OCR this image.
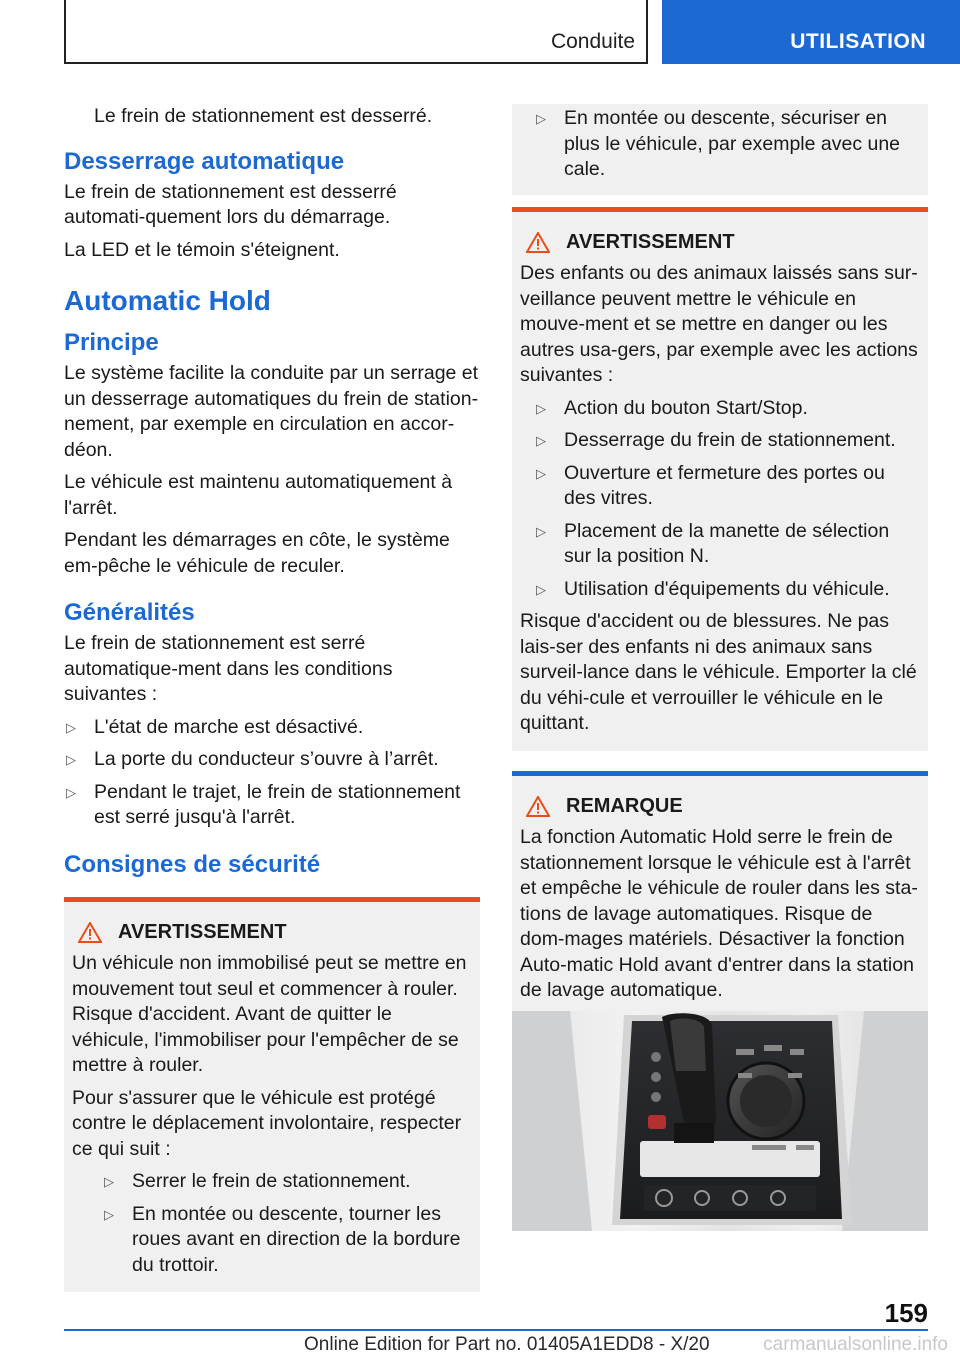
Conduite	UTILISATION

Le frein de stationnement est desserré.

Desserrage automatique

Le frein de stationnement est desserré automati-quement lors du démarrage.

La LED et le témoin s'éteignent.

Automatic Hold
Principe

Le système facilite la conduite par un serrage et un desserrage automatiques du frein de station-nement, par exemple en circulation en accor-déon.

Le véhicule est maintenu automatiquement à l'arrêt.

Pendant les démarrages en côte, le système em-pêche le véhicule de reculer.

Généralités

Le frein de stationnement est serré automatique-ment dans les conditions suivantes :

▷ L'état de marche est désactivé.
▷ La porte du conducteur s’ouvre à l’arrêt.
▷ Pendant le trajet, le frein de stationnement est serré jusqu'à l'arrêt.
Consignes de sécurité
AVERTISSEMENT

Un véhicule non immobilisé peut se mettre en mouvement tout seul et commencer à rouler. Risque d'accident. Avant de quitter le véhicule, l'immobiliser pour l'empêcher de se mettre à rouler.

Pour s'assurer que le véhicule est protégé contre le déplacement involontaire, respecter ce qui suit :

▷ Serrer le frein de stationnement.
▷ En montée ou descente, tourner les roues avant en direction de la bordure du trottoir.
▷ En montée ou descente, sécuriser en plus le véhicule, par exemple avec une cale.
AVERTISSEMENT

Des enfants ou des animaux laissés sans sur-veillance peuvent mettre le véhicule en mouve-ment et se mettre en danger ou les autres usa-gers, par exemple avec les actions suivantes :

▷ Action du bouton Start/Stop.
▷ Desserrage du frein de stationnement.
▷ Ouverture et fermeture des portes ou des vitres.
▷ Placement de la manette de sélection sur la position N.
▷ Utilisation d'équipements du véhicule.

Risque d'accident ou de blessures. Ne pas lais-ser des enfants ni des animaux sans surveil-lance dans le véhicule. Emporter la clé du véhi-cule et verrouiller le véhicule en le quittant.

REMARQUE

La fonction Automatic Hold serre le frein de stationnement lorsque le véhicule est à l'arrêt et empêche le véhicule de rouler dans les sta-tions de lavage automatiques. Risque de dom-mages matériels. Désactiver la fonction Auto-matic Hold avant d'entrer dans la station de lavage automatique.

159
Online Edition for Part no. 01405A1EDD8 - X/20	carmanualsonline.info
